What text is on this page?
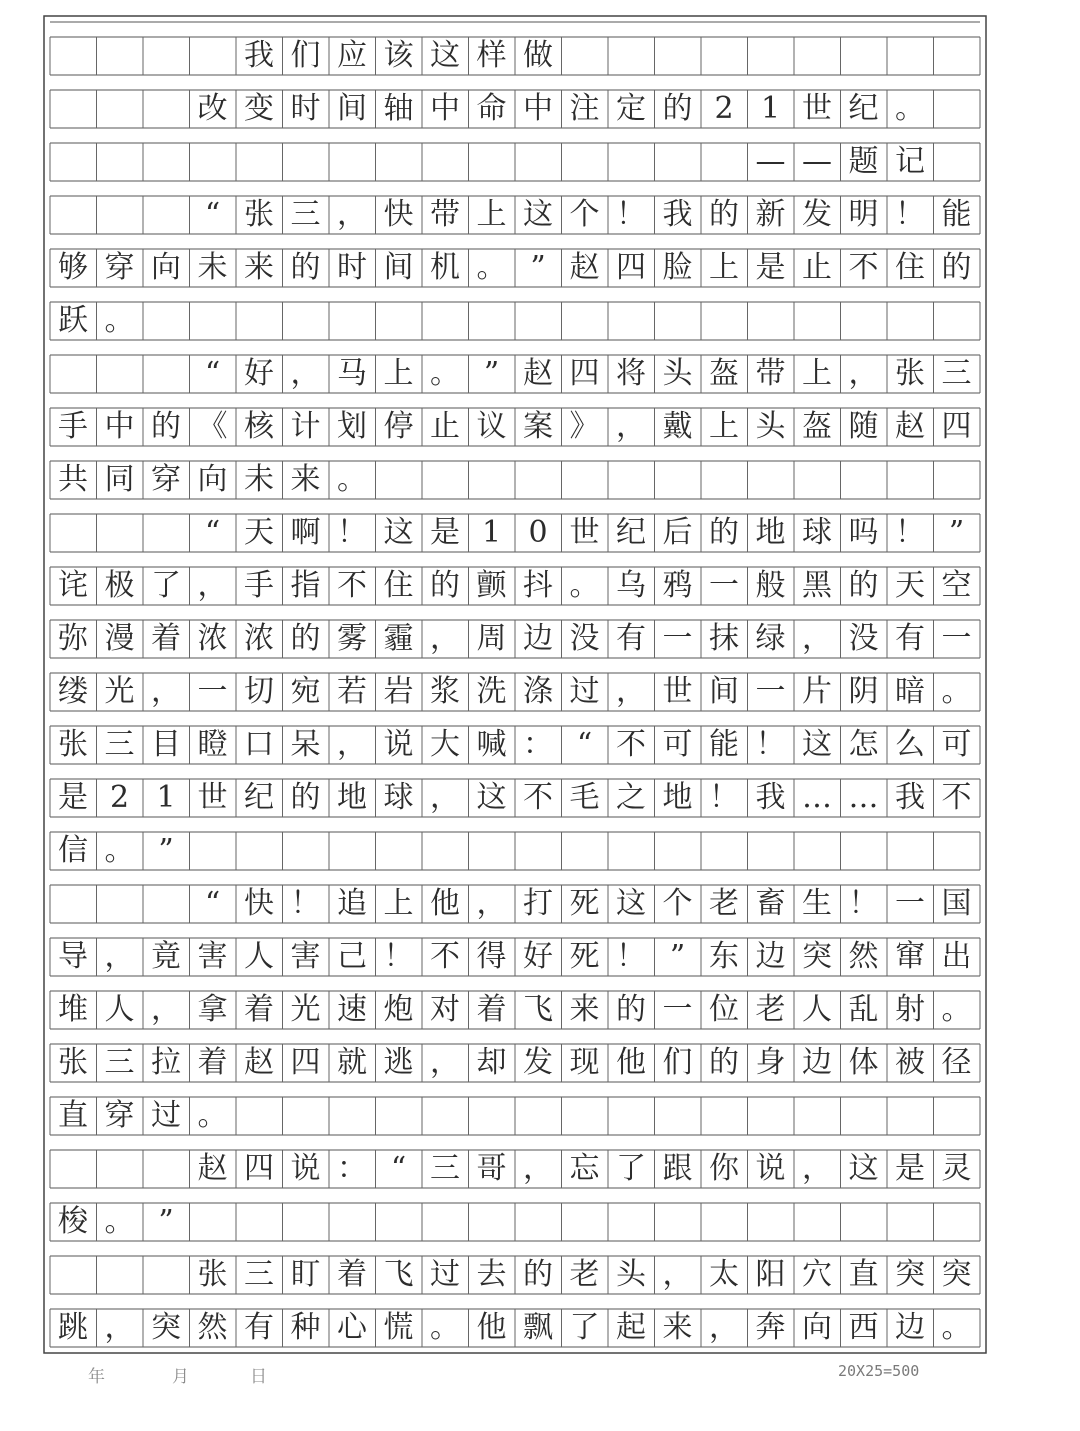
我 们 应 该 这 样 做
改 变 时 间 轴 中 命 中 注 定 的 2 1 世 纪 。
— — 题 记
“ 张 三 ， 快 带 上 这 个 ！ 我 的 新 发 明 ！ 能
够 穿 向 未 来 的 时 间 机 。 ” 赵 四 脸 上 是 止 不 住 的
跃 。
“ 好 ， 马 上 。 ” 赵 四 将 头 盔 带 上 ， 张 三
手 中 的 《 核 计 划 停 止 议 案 》 ， 戴 上 头 盔 随 赵 四
共 同 穿 向 未 来 。
“ 天 啊 ！ 这 是 1 0 世 纪 后 的 地 球 吗 ！ ”
诧 极 了 ， 手 指 不 住 的 颤 抖 。 乌 鸦 一 般 黑 的 天 空
弥 漫 着 浓 浓 的 雾 霾 ， 周 边 没 有 一 抹 绿 ， 没 有 一
缕 光 ， 一 切 宛 若 岩 浆 洗 涤 过 ， 世 间 一 片 阴 暗 。
张 三 目 瞪 口 呆 ， 说 大 喊 ： “ 不 可 能 ！ 这 怎 么 可
是 2 1 世 纪 的 地 球 ， 这 不 毛 之 地 ！ 我 … … 我 不
信 。 ”
“ 快 ！ 追 上 他 ， 打 死 这 个 老 畜 生 ！ 一 国
导 ， 竟 害 人 害 己 ！ 不 得 好 死 ！ ” 东 边 突 然 窜 出
堆 人 ， 拿 着 光 速 炮 对 着 飞 来 的 一 位 老 人 乱 射 。
张 三 拉 着 赵 四 就 逃 ， 却 发 现 他 们 的 身 边 体 被 径
直 穿 过 。
赵 四 说 ： “ 三 哥 ， 忘 了 跟 你 说 ， 这 是 灵
梭 。 ”
张 三 盯 着 飞 过 去 的 老 头 ， 太 阳 穴 直 突 突
跳 ， 突 然 有 种 心 慌 。 他 飘 了 起 来 ， 奔 向 西 边 。
年	月	日	20X25=500
